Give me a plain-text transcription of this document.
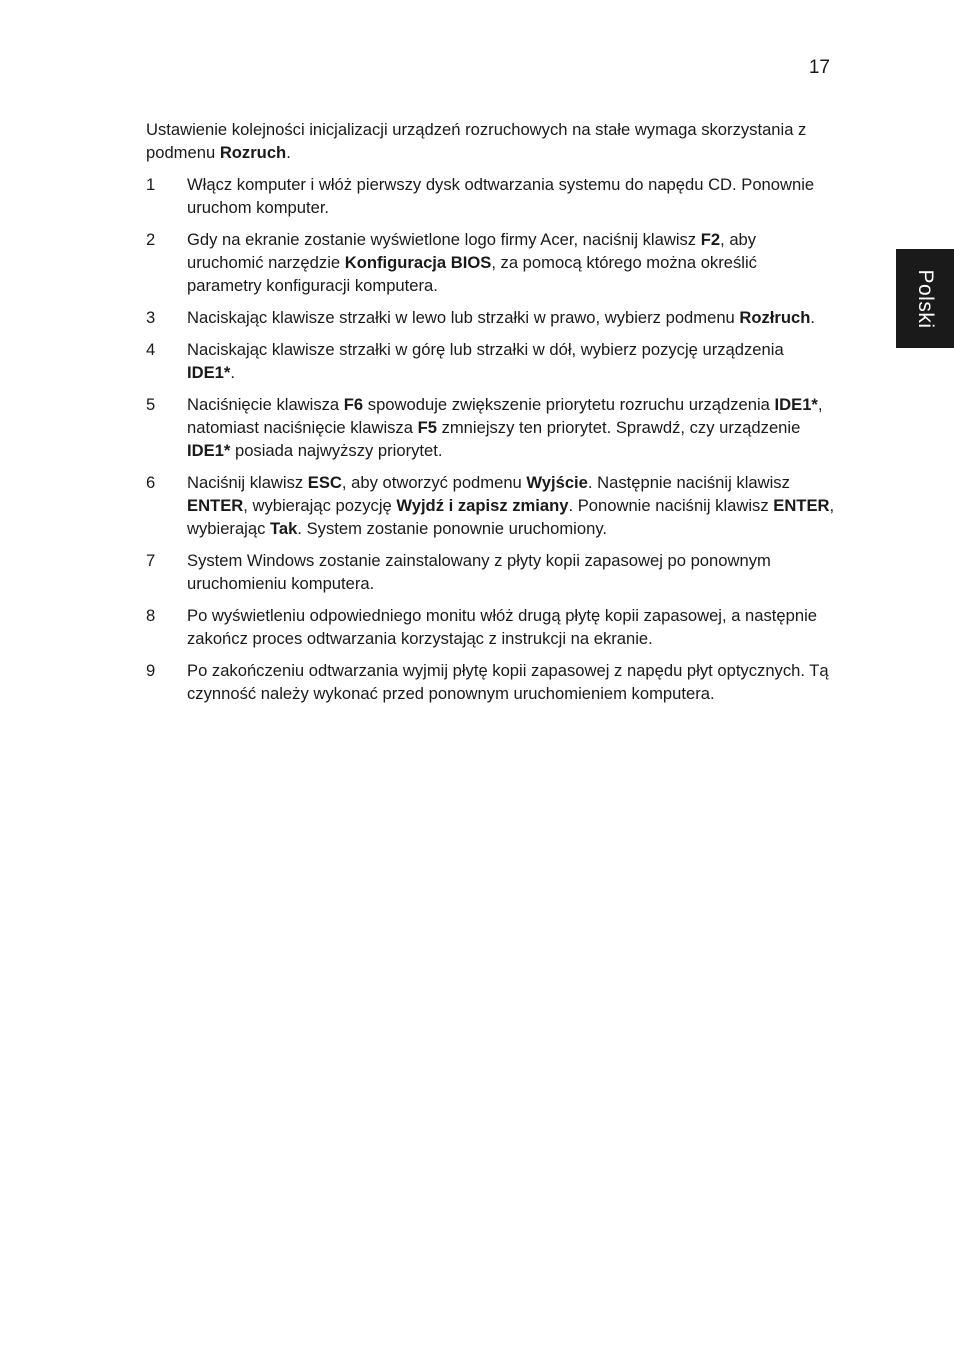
17
Polski

Ustawienie kolejności inicjalizacji urządzeń rozruchowych na stałe wymaga skorzystania z podmenu Rozruch.

1	Włącz komputer i włóż pierwszy dysk odtwarzania systemu do napędu CD. Ponownie uruchom komputer.
2	Gdy na ekranie zostanie wyświetlone logo firmy Acer, naciśnij klawisz F2, aby uruchomić narzędzie Konfiguracja BIOS, za pomocą którego można określić parametry konfiguracji komputera.
3	Naciskając klawisze strzałki w lewo lub strzałki w prawo, wybierz podmenu Rozłruch.
4	Naciskając klawisze strzałki w górę lub strzałki w dół, wybierz pozycję urządzenia IDE1*.
5	Naciśnięcie klawisza F6 spowoduje zwiększenie priorytetu rozruchu urządzenia IDE1*, natomiast naciśnięcie klawisza F5 zmniejszy ten priorytet. Sprawdź, czy urządzenie IDE1* posiada najwyższy priorytet.
6	Naciśnij klawisz ESC, aby otworzyć podmenu Wyjście. Następnie naciśnij klawisz ENTER, wybierając pozycję Wyjdź i zapisz zmiany. Ponownie naciśnij klawisz ENTER, wybierając Tak. System zostanie ponownie uruchomiony.
7	System Windows zostanie zainstalowany z płyty kopii zapasowej po ponownym uruchomieniu komputera.
8	Po wyświetleniu odpowiedniego monitu włóż drugą płytę kopii zapasowej, a następnie zakończ proces odtwarzania korzystając z instrukcji na ekranie.
9	Po zakończeniu odtwarzania wyjmij płytę kopii zapasowej z napędu płyt optycznych. Tą czynność należy wykonać przed ponownym uruchomieniem komputera.
